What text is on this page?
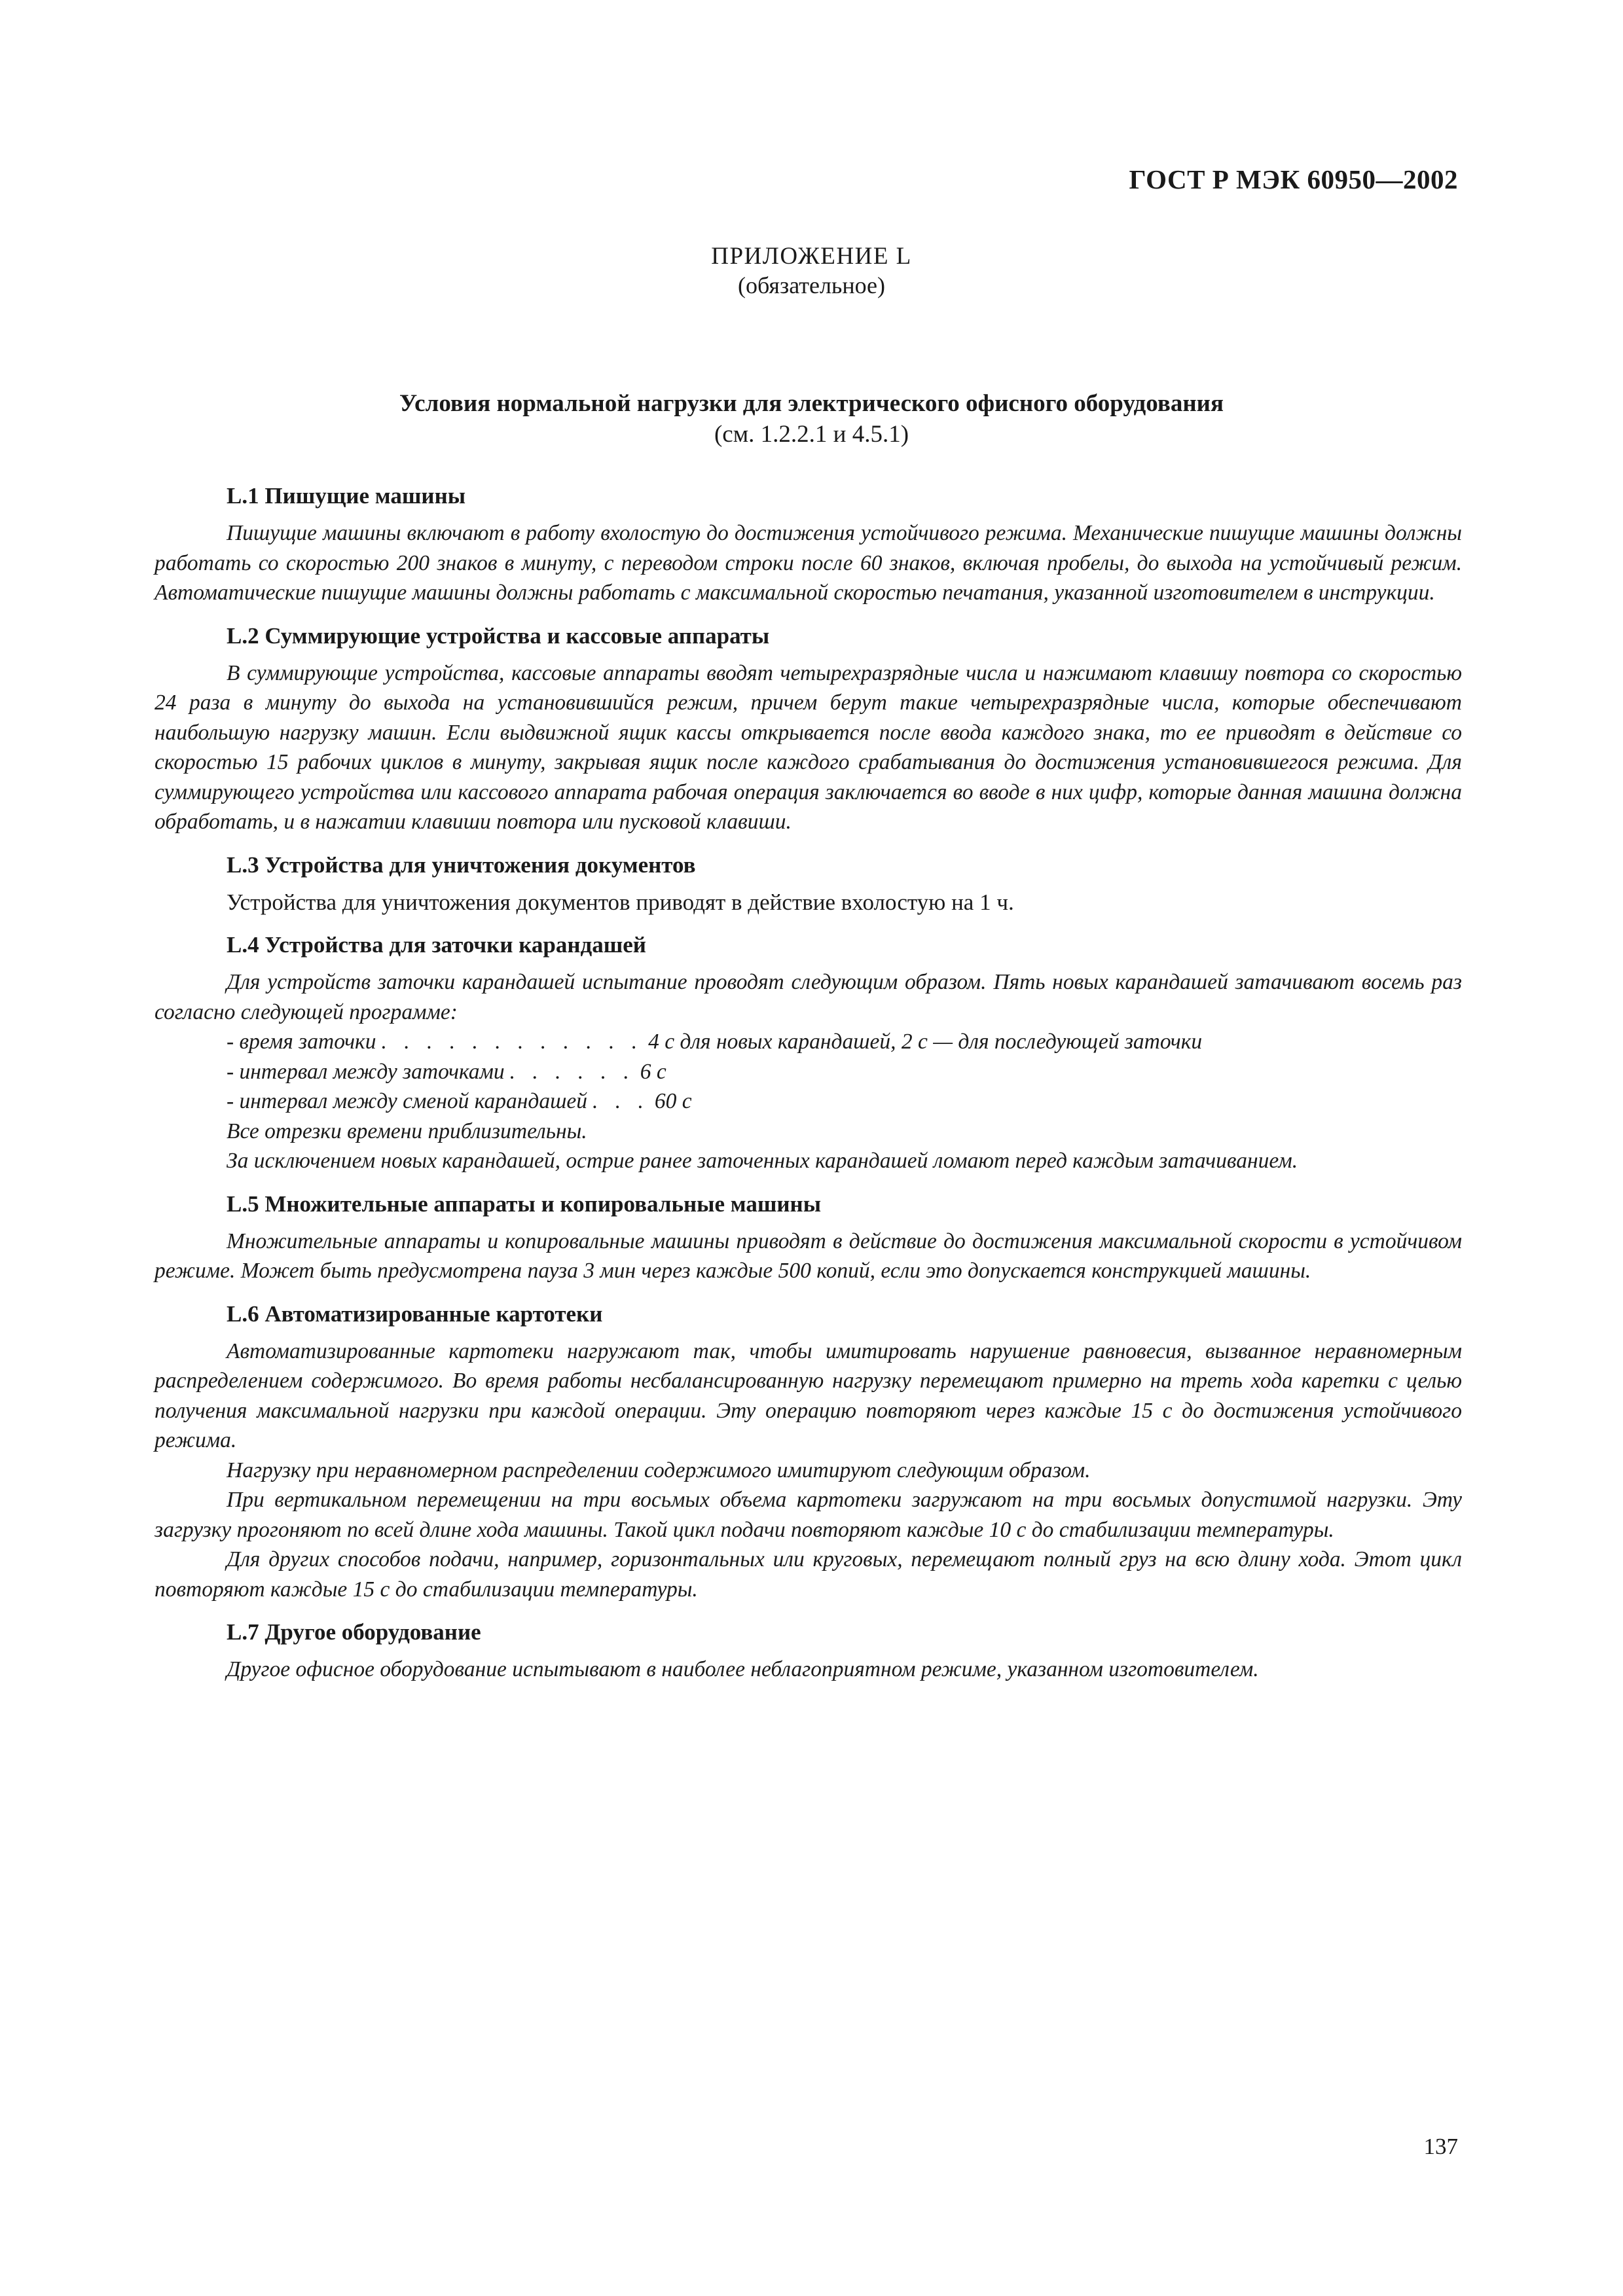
ГОСТ Р МЭК 60950—2002
ПРИЛОЖЕНИЕ L
(обязательное)
Условия нормальной нагрузки для электрического офисного оборудования
(см. 1.2.2.1 и 4.5.1)

L.1 Пишущие машины

Пишущие машины включают в работу вхолостую до достижения устойчивого режима. Механические пишущие машины должны работать со скоростью 200 знаков в минуту, с переводом строки после 60 знаков, включая пробелы, до выхода на устойчивый режим. Автоматические пишущие машины должны работать с максимальной скоростью печатания, указанной изготовителем в инструкции.

L.2 Суммирующие устройства и кассовые аппараты

В суммирующие устройства, кассовые аппараты вводят четырехразрядные числа и нажимают клавишу повтора со скоростью 24 раза в минуту до выхода на установившийся режим, причем берут такие четырехразрядные числа, которые обеспечивают наибольшую нагрузку машин. Если выдвижной ящик кассы открывается после ввода каждого знака, то ее приводят в действие со скоростью 15 рабочих циклов в минуту, закрывая ящик после каждого срабатывания до достижения установившегося режима. Для суммирующего устройства или кассового аппарата рабочая операция заключается во вводе в них цифр, которые данная машина должна обработать, и в нажатии клавиши повтора или пусковой клавиши.

L.3 Устройства для уничтожения документов

Устройства для уничтожения документов приводят в действие вхолостую на 1 ч.

L.4 Устройства для заточки карандашей

Для устройств заточки карандашей испытание проводят следующим образом. Пять новых карандашей затачивают восемь раз согласно следующей программе:

- время заточки . . . . . . . . . . . . 4 с для новых карандашей, 2 с — для последующей заточки
- интервал между заточками . . . . . . 6 с
- интервал между сменой карандашей . . . 60 с
Все отрезки времени приблизительны.

За исключением новых карандашей, острие ранее заточенных карандашей ломают перед каждым затачиванием.

L.5 Множительные аппараты и копировальные машины

Множительные аппараты и копировальные машины приводят в действие до достижения максимальной скорости в устойчивом режиме. Может быть предусмотрена пауза 3 мин через каждые 500 копий, если это допускается конструкцией машины.

L.6 Автоматизированные картотеки

Автоматизированные картотеки нагружают так, чтобы имитировать нарушение равновесия, вызванное неравномерным распределением содержимого. Во время работы несбалансированную нагрузку перемещают примерно на треть хода каретки с целью получения максимальной нагрузки при каждой операции. Эту операцию повторяют через каждые 15 с до достижения устойчивого режима.

Нагрузку при неравномерном распределении содержимого имитируют следующим образом.

При вертикальном перемещении на три восьмых объема картотеки загружают на три восьмых допустимой нагрузки. Эту загрузку прогоняют по всей длине хода машины. Такой цикл подачи повторяют каждые 10 с до стабилизации температуры.

Для других способов подачи, например, горизонтальных или круговых, перемещают полный груз на всю длину хода. Этот цикл повторяют каждые 15 с до стабилизации температуры.

L.7 Другое оборудование

Другое офисное оборудование испытывают в наиболее неблагоприятном режиме, указанном изготовителем.

137
